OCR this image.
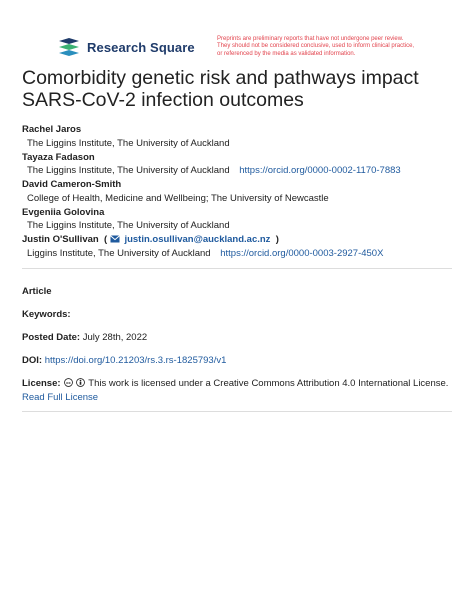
Research Square
Preprints are preliminary reports that have not undergone peer review.
They should not be considered conclusive, used to inform clinical practice,
or referenced by the media as validated information.
Comorbidity genetic risk and pathways impact SARS-CoV-2 infection outcomes
Rachel Jaros
The Liggins Institute, The University of Auckland
Tayaza Fadason
The Liggins Institute, The University of Auckland https://orcid.org/0000-0002-1170-7883
David Cameron-Smith
College of Health, Medicine and Wellbeing; The University of Newcastle
Evgeniia Golovina
The Liggins Institute, The University of Auckland
Justin O'Sullivan  ( justin.osullivan@auckland.ac.nz  )
Liggins Institute, The University of Auckland https://orcid.org/0000-0003-2927-450X
Article
Keywords:
Posted Date: July 28th, 2022
DOI: https://doi.org/10.21203/rs.3.rs-1825793/v1
License: cc This work is licensed under a Creative Commons Attribution 4.0 International License.
Read Full License
